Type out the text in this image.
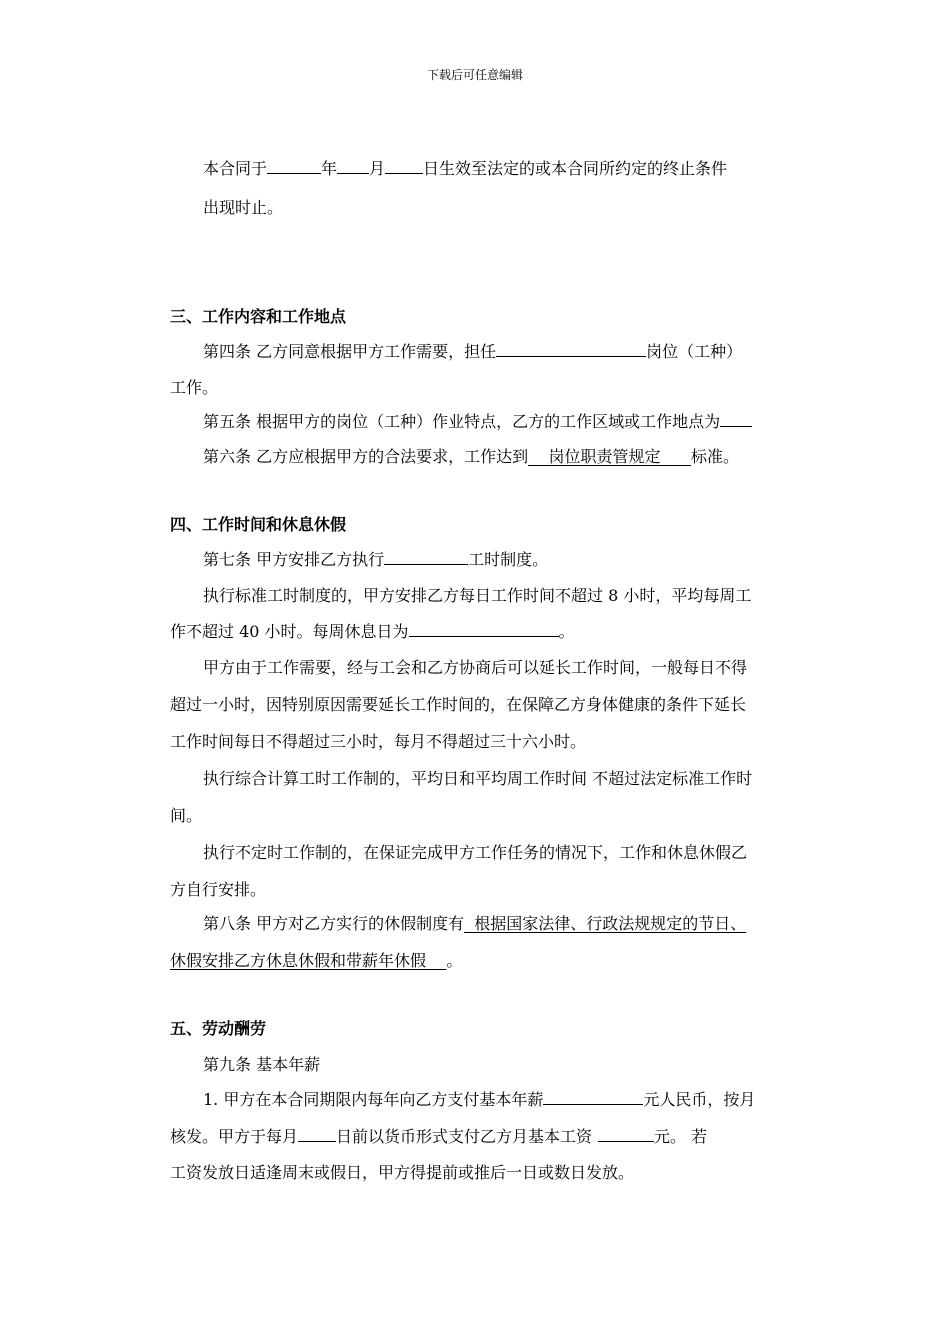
下载后可任意编辑
本合同于	年 月 日生效至法定的或本合同所约定的终止条件
出现时止。
三、工作内容和工作地点
第四条 乙方同意根据甲方工作需要，担任	岗位（工种）
工作。
第五条 根据甲方的岗位（工种）作业特点，乙方的工作区域或工作地点为
第六条 乙方应根据甲方的合法要求，工作达到    岗位职责管规定      标准。
四、工作时间和休息休假
第七条 甲方安排乙方执行	工时制度。
执行标准工时制度的，甲方安排乙方每日工作时间不超过 8 小时，平均每周工
作不超过 40 小时。每周休息日为	。
甲方由于工作需要，经与工会和乙方协商后可以延长工作时间，一般每日不得
超过一小时，因特别原因需要延长工作时间的，在保障乙方身体健康的条件下延长
工作时间每日不得超过三小时，每月不得超过三十六小时。
执行综合计算工时工作制的，平均日和平均周工作时间 不超过法定标准工作时
间。
执行不定时工作制的，在保证完成甲方工作任务的情况下，工作和休息休假乙
方自行安排。
第八条 甲方对乙方实行的休假制度有  根据国家法律、行政法规规定的节日、
休假安排乙方休息休假和带薪年休假    。
五、劳动酬劳
第九条 基本年薪
1. 甲方在本合同期限内每年向乙方支付基本年薪	元人民币，按月
核发。甲方于每月 日前以货币形式支付乙方月基本工资	元。 若
工资发放日适逢周末或假日，甲方得提前或推后一日或数日发放。
